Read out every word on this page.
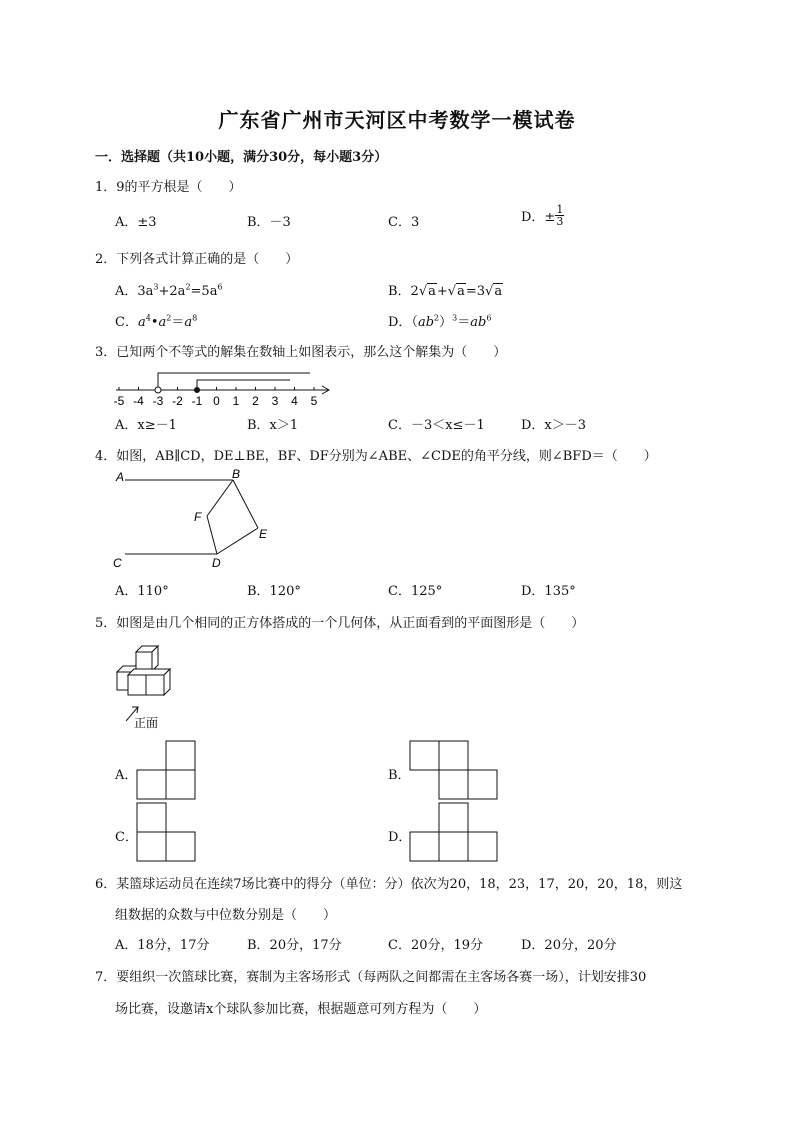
广东省广州市天河区中考数学一模试卷
一．选择题（共10小题，满分30分，每小题3分）
1．9的平方根是（　　）
A．±3	B．－3	C．3	D．± $\frac{1}{3}$
2．下列各式计算正确的是（　　）
A．$3a^3+2a^2=5a^6$	B．2√a+√a=3√a
C．$a^4•a^2=a^8$	D．$(ab^2)^3=ab^6$
3．已知两个不等式的解集在数轴上如图表示，那么这个解集为（　　）
-5 -4 -3 -2 -1 0 1 2 3 4 5
A．x≥－1	B．x＞1	C．－3＜x≤－1	D．x＞－3
4．如图，AB∥CD，DE⊥BE，BF、DF分别为∠ABE、∠CDE的角平分线，则∠BFD＝（　　）
A	B
C	D
E
F
A．110°	B．120°	C．125°	D．135°
5．如图是由几个相同的正方体搭成的一个几何体，从正面看到的平面图形是（　　）
正面
A．	B．
C．	D．
6．某篮球运动员在连续7场比赛中的得分（单位：分）依次为20，18，23，17，20，20，18，则这
组数据的众数与中位数分别是（　　）
A．18分，17分	B．20分，17分	C．20分，19分	D．20分，20分
7．要组织一次篮球比赛，赛制为主客场形式（每两队之间都需在主客场各赛一场），计划安排30
场比赛，设邀请x个球队参加比赛，根据题意可列方程为（　　）
